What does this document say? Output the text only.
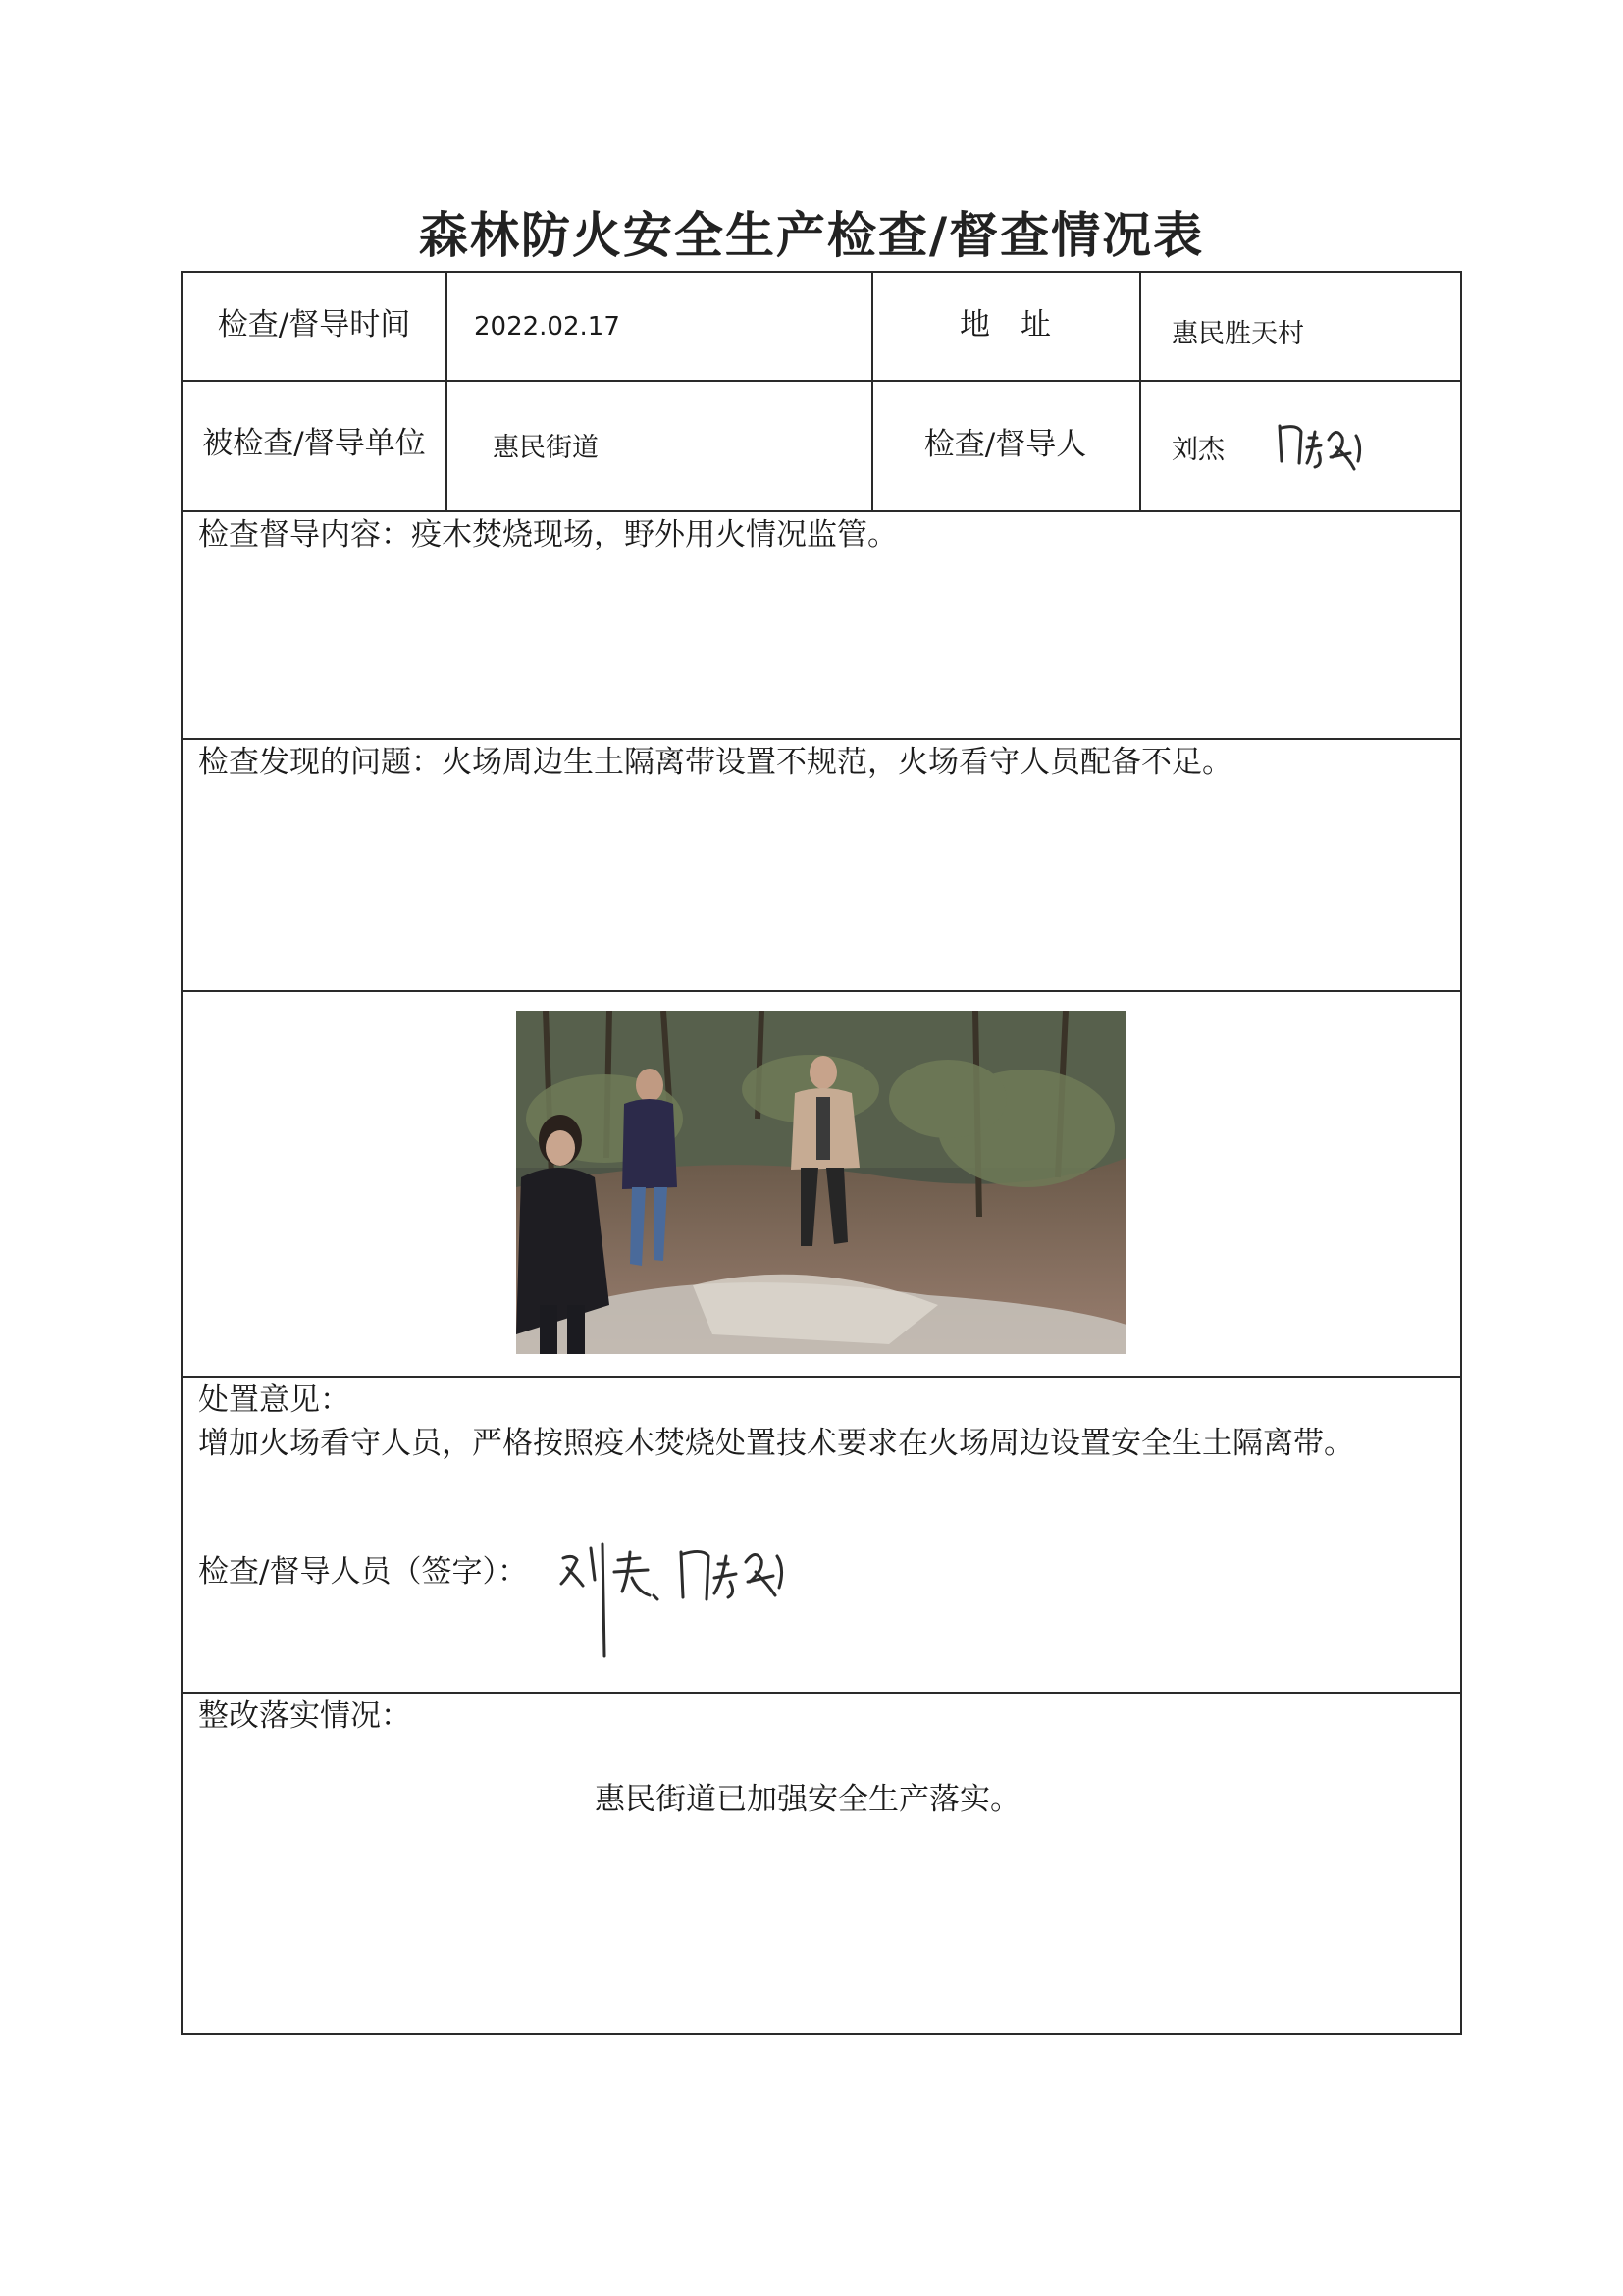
森林防火安全生产检查/督查情况表
检查/督导时间	2022.02.17	地　址	惠民胜天村
被检查/督导单位	惠民街道	检查/督导人	刘杰
检查督导内容：疫木焚烧现场，野外用火情况监管。
检查发现的问题：火场周边生土隔离带设置不规范，火场看守人员配备不足。
处置意见：
增加火场看守人员，严格按照疫木焚烧处置技术要求在火场周边设置安全生土隔离带。
检查/督导人员（签字）：
整改落实情况：
惠民街道已加强安全生产落实。
